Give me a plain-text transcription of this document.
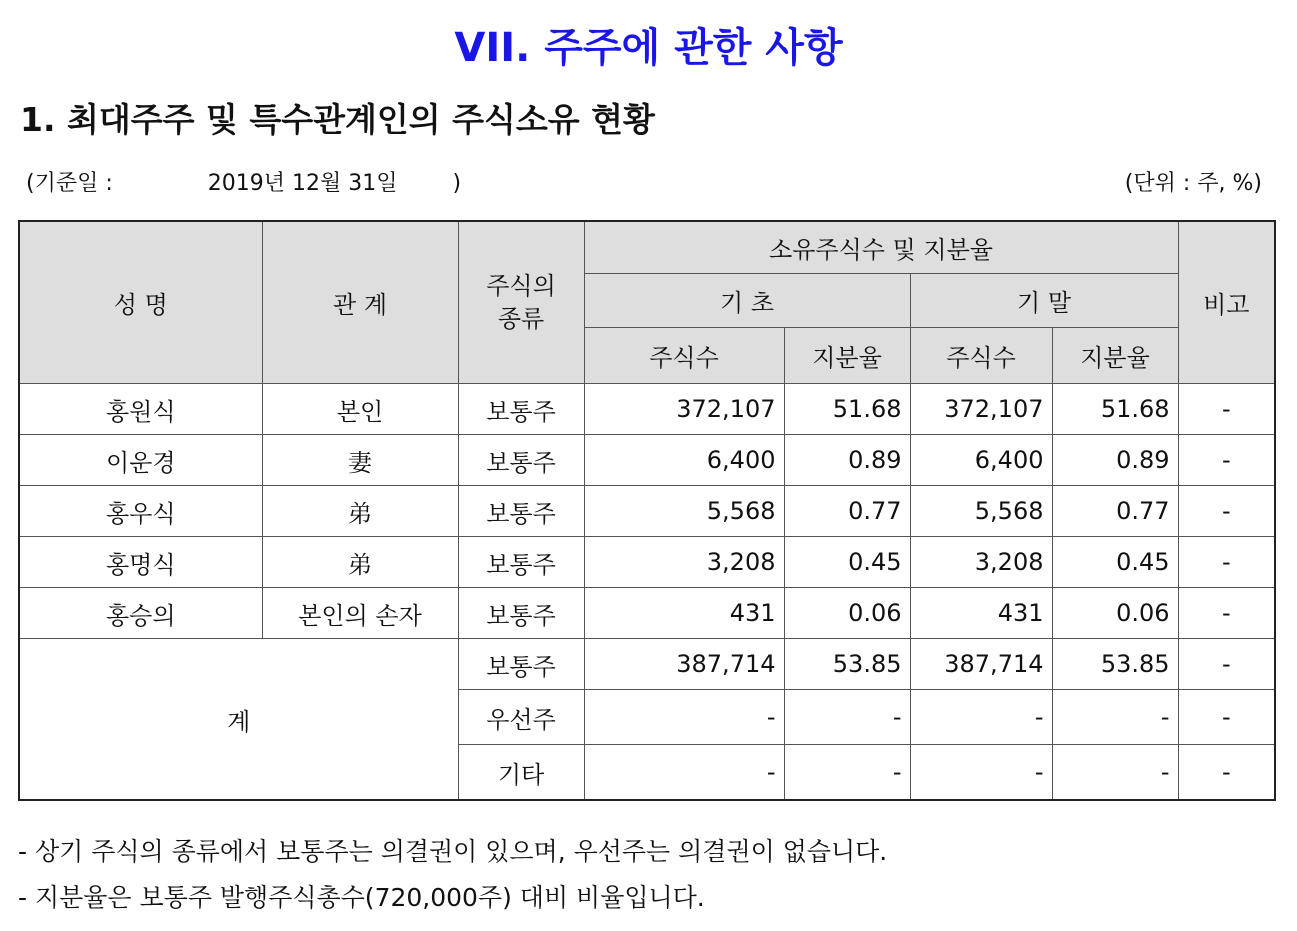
VII. 주주에 관한 사항
1. 최대주주 및 특수관계인의 주식소유 현황
(기준일 :	2019년 12월 31일	)	(단위 : 주, %)
성 명	관 계	주식의 종류	소유주식수 및 지분율				비고
			기 초		기 말		
			주식수	지분율	주식수	지분율	
홍원식	본인	보통주	372,107	51.68	372,107	51.68	-
이운경	妻	보통주	6,400	0.89	6,400	0.89	-
홍우식	弟	보통주	5,568	0.77	5,568	0.77	-
홍명식	弟	보통주	3,208	0.45	3,208	0.45	-
홍승의	본인의 손자	보통주	431	0.06	431	0.06	-
계		보통주	387,714	53.85	387,714	53.85	-
		우선주	-	-	-	-	-
		기타	-	-	-	-	-
- 상기 주식의 종류에서 보통주는 의결권이 있으며, 우선주는 의결권이 없습니다.
- 지분율은 보통주 발행주식총수(720,000주) 대비 비율입니다.
